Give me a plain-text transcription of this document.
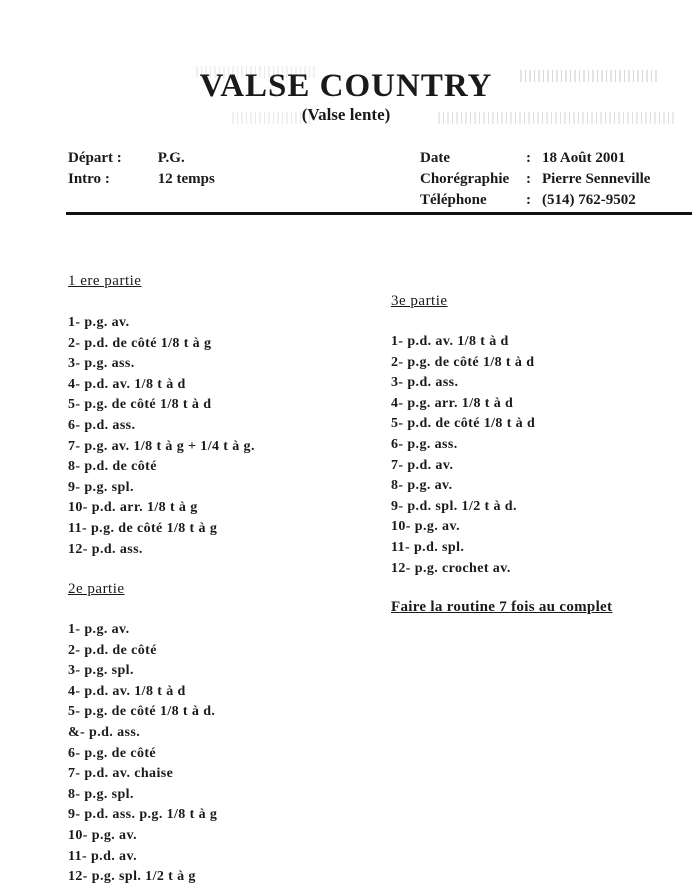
VALSE COUNTRY
(Valse lente)
Départ : P.G.
Intro :	12 temps
Date	: 18 Août 2001
Chorégraphie : Pierre Senneville
Téléphone	: (514) 762-9502
1 ere partie
1- p.g. av.
2- p.d. de côté 1/8 t à g
3- p.g. ass.
4- p.d. av. 1/8 t à d
5- p.g. de côté 1/8 t à d
6- p.d. ass.
7- p.g. av. 1/8 t à g + 1/4 t à g.
8- p.d. de côté
9- p.g. spl.
10- p.d. arr. 1/8 t à g
11- p.g. de côté 1/8 t à g
12- p.d. ass.
2e partie
1- p.g. av.
2- p.d. de côté
3- p.g. spl.
4- p.d. av. 1/8 t à d
5- p.g. de côté 1/8 t à d.
&- p.d. ass.
6- p.g. de côté
7- p.d. av. chaise
8- p.g. spl.
9- p.d. ass. p.g. 1/8 t à g
10- p.g. av.
11- p.d. av.
12- p.g. spl. 1/2 t à g
3e partie
1- p.d. av. 1/8 t à d
2- p.g. de côté 1/8 t à d
3- p.d. ass.
4- p.g. arr. 1/8 t à d
5- p.d. de côté 1/8 t à d
6- p.g. ass.
7- p.d. av.
8- p.g. av.
9- p.d. spl. 1/2 t à d.
10- p.g. av.
11- p.d. spl.
12- p.g. crochet av.
Faire la routine 7 fois au complet
